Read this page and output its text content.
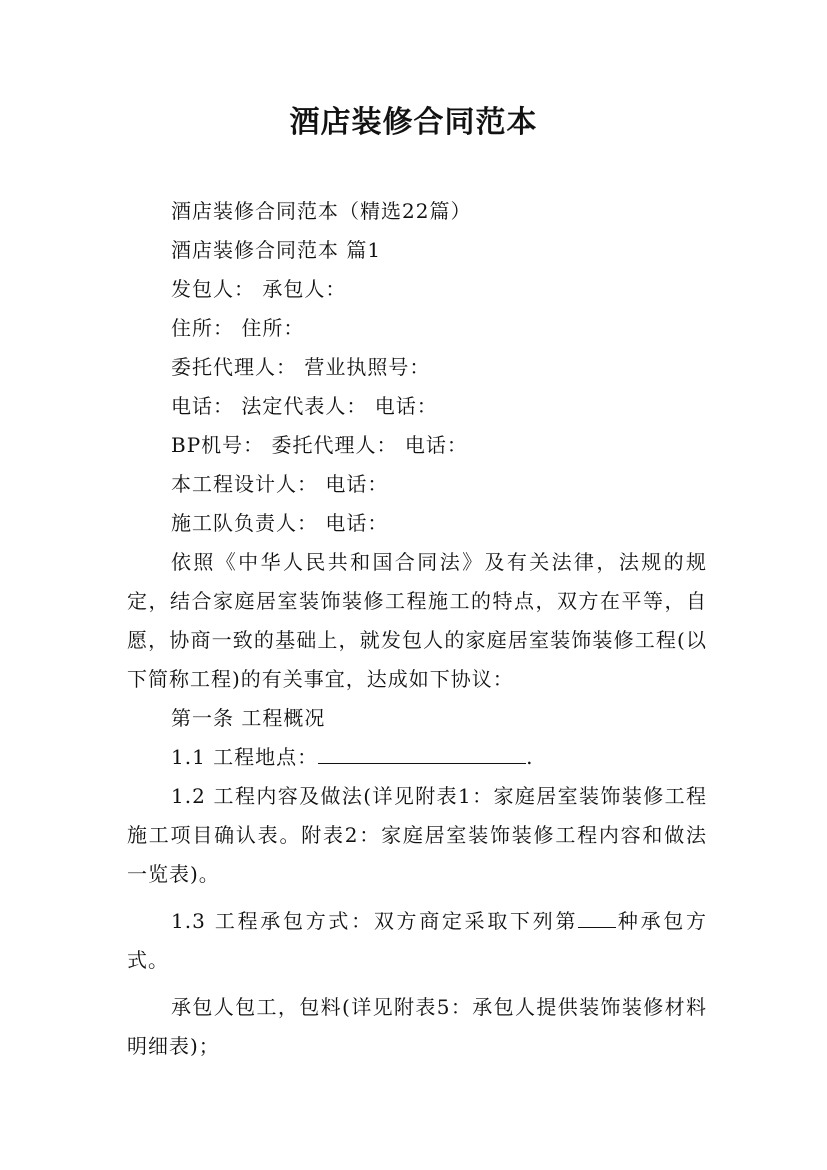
酒店装修合同范本

酒店装修合同范本（精选22篇）

酒店装修合同范本 篇1

发包人： 承包人：

住所： 住所：

委托代理人： 营业执照号：

电话： 法定代表人： 电话：

BP机号： 委托代理人： 电话：

本工程设计人： 电话：

施工队负责人： 电话：

依照《中华人民共和国合同法》及有关法律，法规的规定，结合家庭居室装饰装修工程施工的特点，双方在平等，自愿，协商一致的基础上，就发包人的家庭居室装饰装修工程(以下简称工程)的有关事宜，达成如下协议：

第一条 工程概况

1.1 工程地点：	.

1.2 工程内容及做法(详见附表1：家庭居室装饰装修工程施工项目确认表。附表2：家庭居室装饰装修工程内容和做法一览表)。

1.3 工程承包方式：双方商定采取下列第 种承包方式。

承包人包工，包料(详见附表5：承包人提供装饰装修材料明细表)；
